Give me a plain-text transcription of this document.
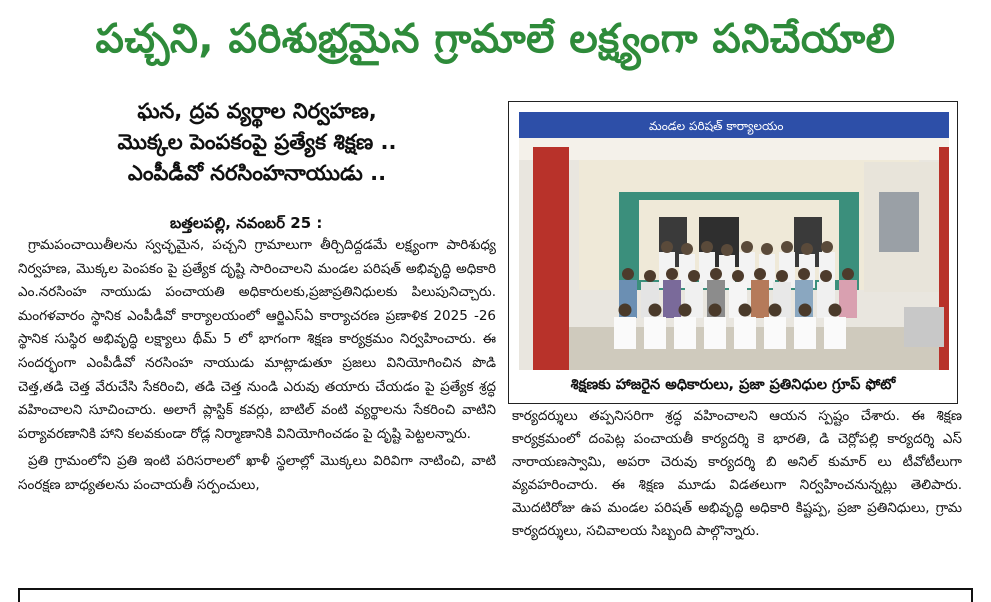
పచ్చని, పరిశుభ్రమైన గ్రామాలే లక్ష్యంగా పనిచేయాలి
ఘన, ద్రవ వ్యర్థాల నిర్వహణ,
మొక్కల పెంపకంపై ప్రత్యేక శిక్షణ ..
ఎంపీడీవో నరసింహనాయుడు ..
బత్తలపల్లి, నవంబర్ 25 :

గ్రామపంచాయితీలను స్వచ్ఛమైన, పచ్చని గ్రామాలుగా తీర్చిదిద్దడమే లక్ష్యంగా పారిశుధ్య నిర్వహణ, మొక్కల పెంపకం పై ప్రత్యేక దృష్టి సారించాలని మండల పరిషత్ అభివృద్ధి అధికారి ఎం.నరసింహ నాయుడు పంచాయతి అధికారులకు,ప్రజాప్రతినిధులకు పిలుపునిచ్చారు. మంగళవారం స్థానిక ఎంపీడీవో కార్యాలయంలో ఆర్జిఎస్ఏ కార్యాచరణ ప్రణాళిక 2025 -26 స్థానిక సుస్థిర అభివృద్ధి లక్ష్యాలు థీమ్ 5 లో భాగంగా శిక్షణ కార్యక్రమం నిర్వహించారు. ఈ సందర్భంగా ఎంపీడీవో నరసింహ నాయుడు మాట్లాడుతూ ప్రజలు వినియోగించిన పొడి చెత్త,తడి చెత్త వేరుచేసి సేకరించి, తడి చెత్త నుండి ఎరువు తయారు చేయడం పై ప్రత్యేక శ్రద్ధ వహించాలని సూచించారు. అలాగే ప్లాస్టిక్ కవర్లు, బాటిల్ వంటి వ్యర్థాలను సేకరించి వాటిని పర్యావరణానికి హాని కలవకుండా రోడ్ల నిర్మాణానికి వినియోగించడం పై దృష్టి పెట్టలన్నారు.

ప్రతి గ్రామంలోని ప్రతి ఇంటి పరిసరాలలో ఖాళీ స్థలాల్లో మొక్కలు విరివిగా నాటించి, వాటి సంరక్షణ బాధ్యతలను పంచాయతీ సర్పంచులు,

మండల పరిషత్ కార్యాలయం
శిక్షణకు హాజరైన అధికారులు, ప్రజా ప్రతినిధుల గ్రూప్ ఫోటో

కార్యదర్శులు తప్పనిసరిగా శ్రద్ధ వహించాలని ఆయన స్పష్టం చేశారు. ఈ శిక్షణ కార్యక్రమంలో దంపెట్ల పంచాయతీ కార్యదర్శి కె భారతి, డి చెర్లోపల్లి కార్యదర్శి ఎస్ నారాయణస్వామి, అపరా చెరువు కార్యదర్శి బి అనిల్ కుమార్ లు టీవోటీలుగా వ్యవహరించారు. ఈ శిక్షణ మూడు విడతలుగా నిర్వహించనున్నట్లు తెలిపారు. మొదటిరోజు ఉప మండల పరిషత్ అభివృద్ధి అధికారి కిష్టప్ప, ప్రజా ప్రతినిధులు, గ్రామ కార్యదర్శులు, సచివాలయ సిబ్బంది పాల్గొన్నారు.
